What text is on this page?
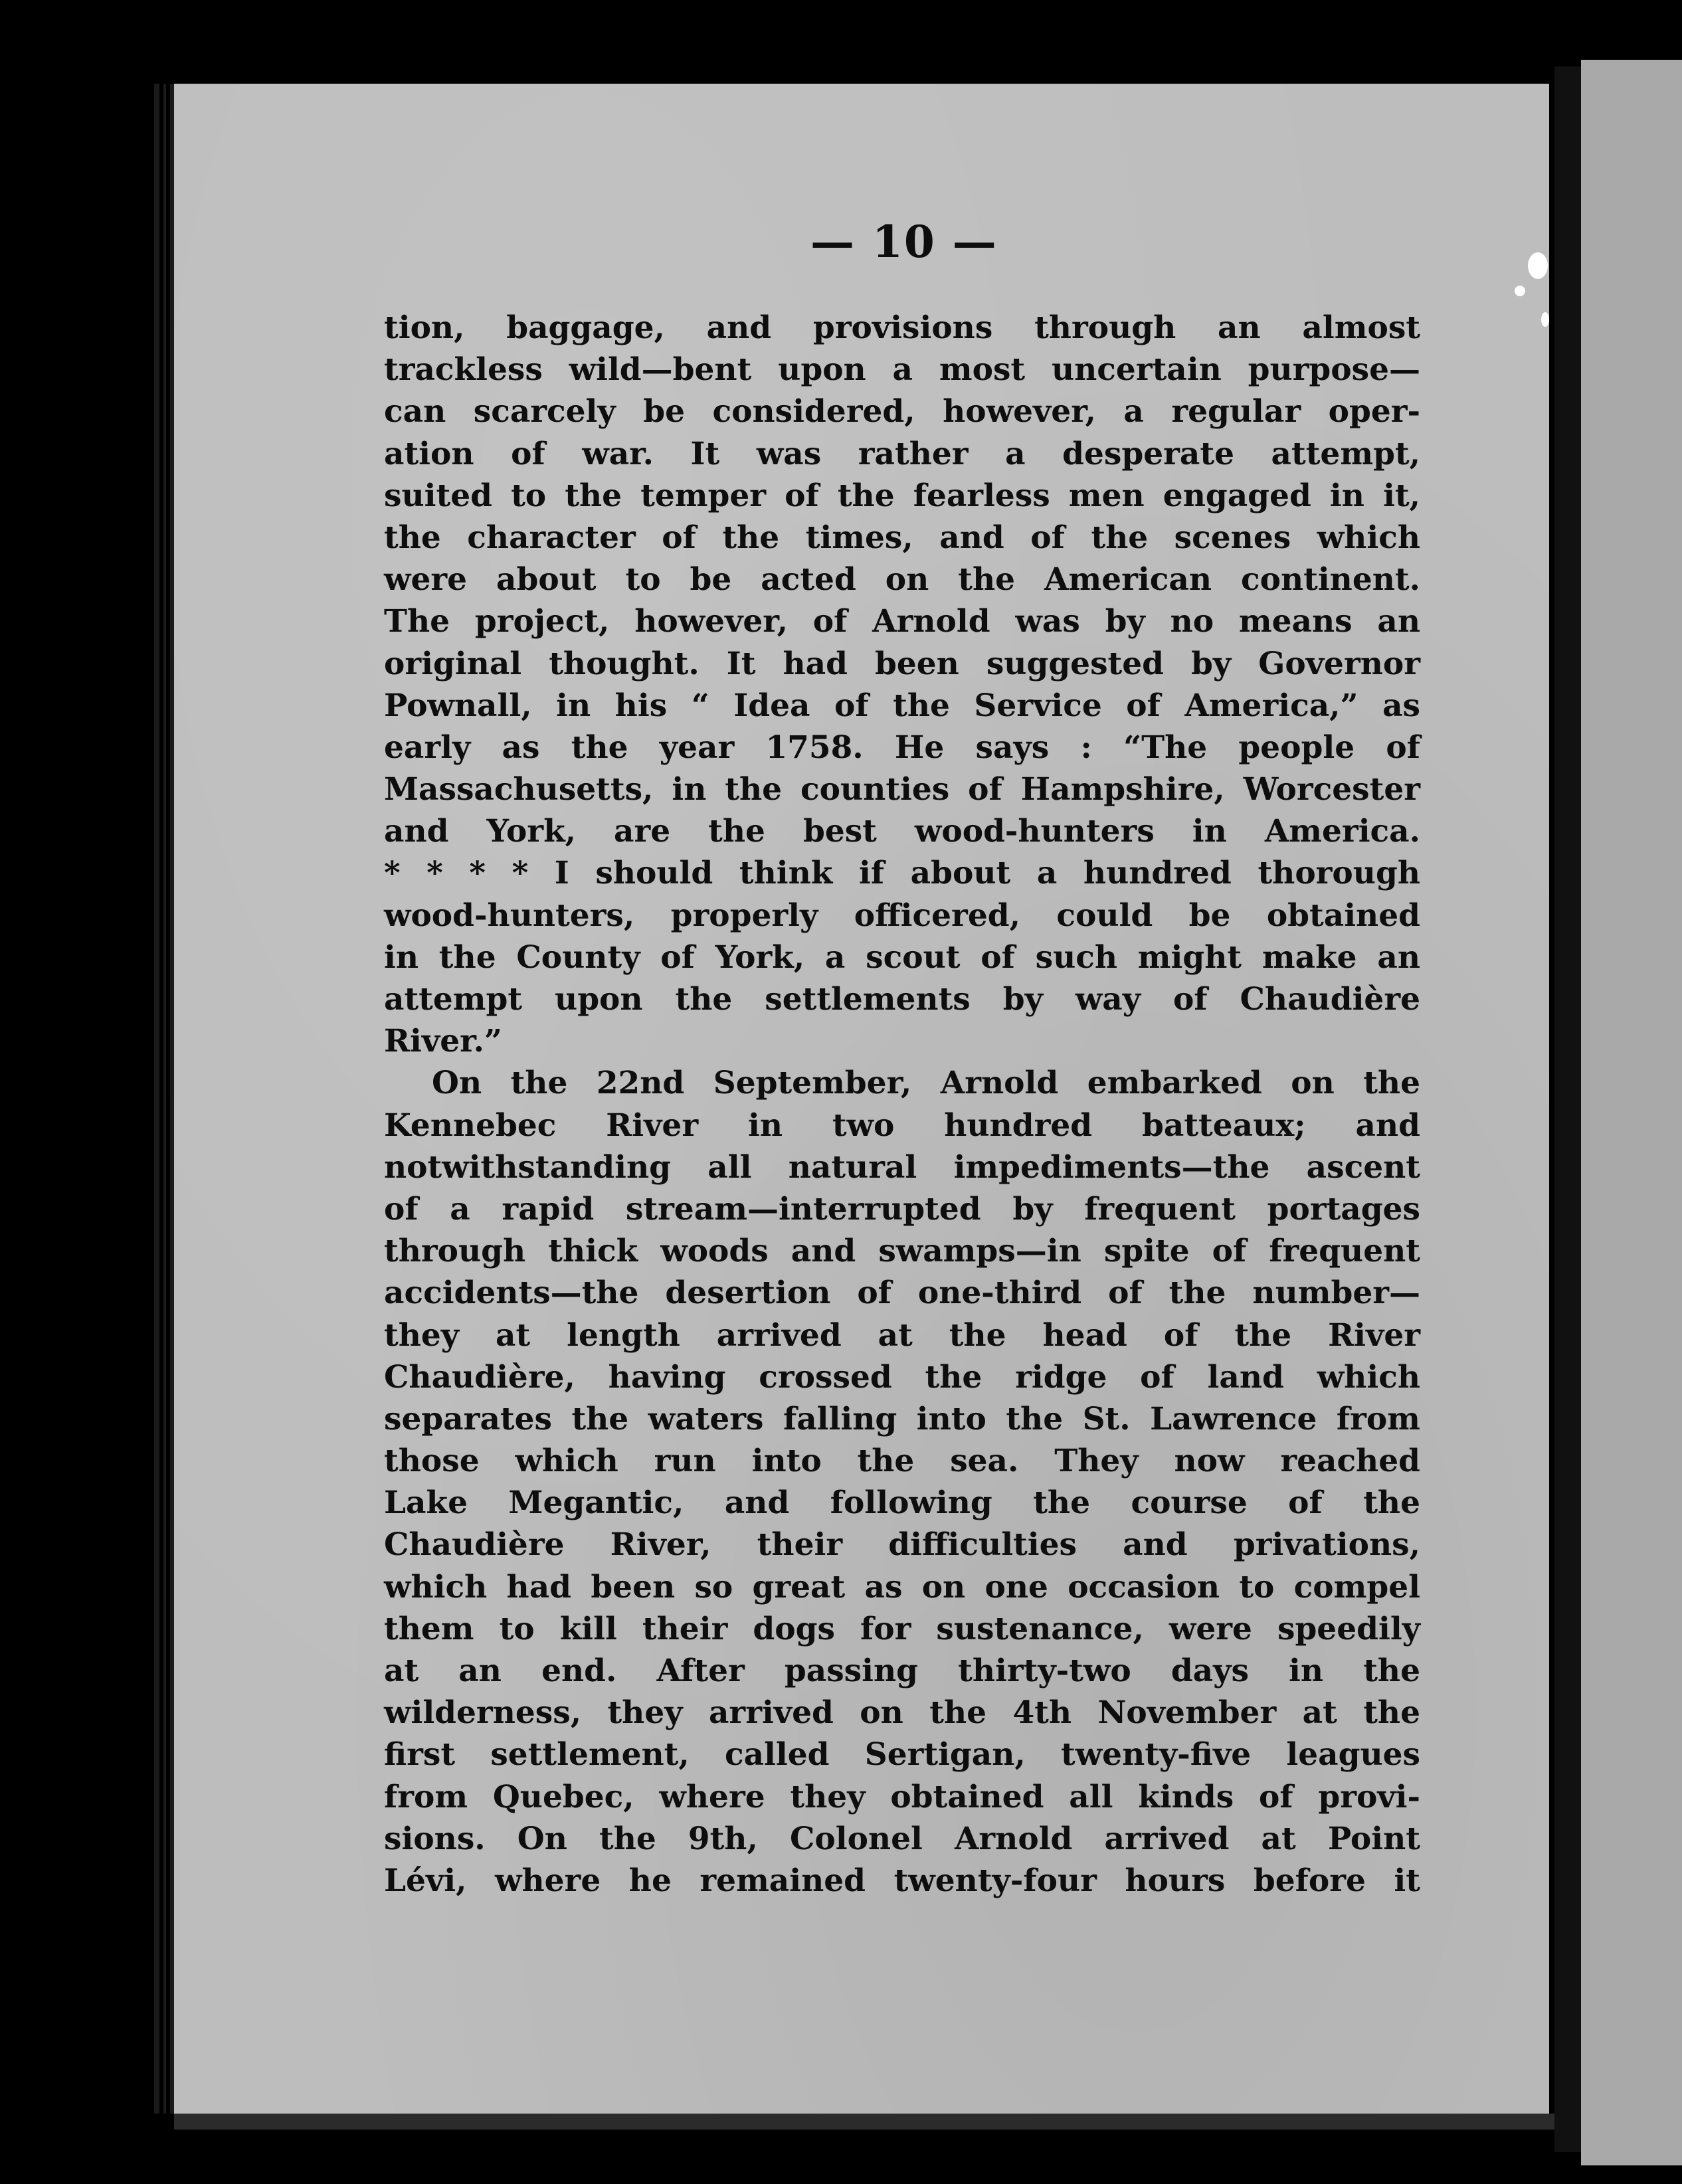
— 10 —
tion, baggage, and provisions through an almost
trackless wild—bent upon a most uncertain purpose—
can scarcely be considered, however, a regular oper-
ation of war. It was rather a desperate attempt,
suited to the temper of the fearless men engaged in it,
the character of the times, and of the scenes which
were about to be acted on the American continent.
The project, however, of Arnold was by no means an
original thought. It had been suggested by Governor
Pownall, in his “ Idea of the Service of America,” as
early as the year 1758. He says : “The people of
Massachusetts, in the counties of Hampshire, Worcester
and York, are the best wood-hunters in America.
* * * * I should think if about a hundred thorough
wood-hunters, properly officered, could be obtained
in the County of York, a scout of such might make an
attempt upon the settlements by way of Chaudière
River.”
On the 22nd September, Arnold embarked on the
Kennebec River in two hundred batteaux; and
notwithstanding all natural impediments—the ascent
of a rapid stream—interrupted by frequent portages
through thick woods and swamps—in spite of frequent
accidents—the desertion of one-third of the number—
they at length arrived at the head of the River
Chaudière, having crossed the ridge of land which
separates the waters falling into the St. Lawrence from
those which run into the sea. They now reached
Lake Megantic, and following the course of the
Chaudière River, their difficulties and privations,
which had been so great as on one occasion to compel
them to kill their dogs for sustenance, were speedily
at an end. After passing thirty-two days in the
wilderness, they arrived on the 4th November at the
first settlement, called Sertigan, twenty-five leagues
from Quebec, where they obtained all kinds of provi-
sions. On the 9th, Colonel Arnold arrived at Point
Lévi, where he remained twenty-four hours before it
